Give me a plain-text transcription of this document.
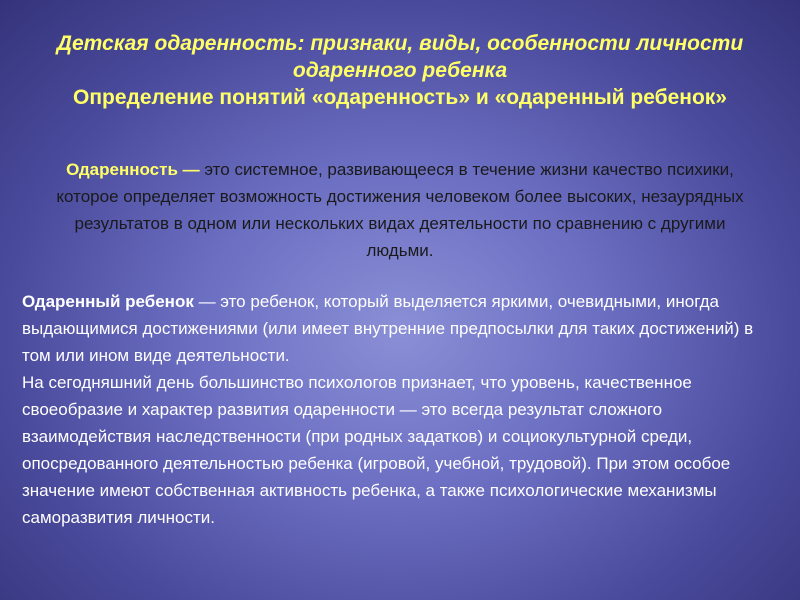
Детская одаренность: признаки, виды, особенности личности одаренного ребенка
Определение понятий «одаренность» и «одаренный ребенок»

Одаренность — это системное, развивающееся в течение жизни качество психики, которое определяет возможность достижения человеком более высоких, незаурядных результатов в одном или нескольких видах деятельности по сравнению с другими людьми.

Одаренный ребенок — это ребенок, который выделяется яркими, очевидными, иногда выдающимися достижениями (или имеет внутренние предпосылки для таких достижений) в том или ином виде деятельности.

На сегодняшний день большинство психологов признает, что уровень, качественное своеобразие и характер развития одаренности — это всегда результат сложного взаимодействия наследственности (при родных задатков) и социокультурной среди, опосредованного деятельностью ребенка (игровой, учебной, трудовой). При этом особое значение имеют собственная активность ребенка, а также психологические механизмы саморазвития личности.
